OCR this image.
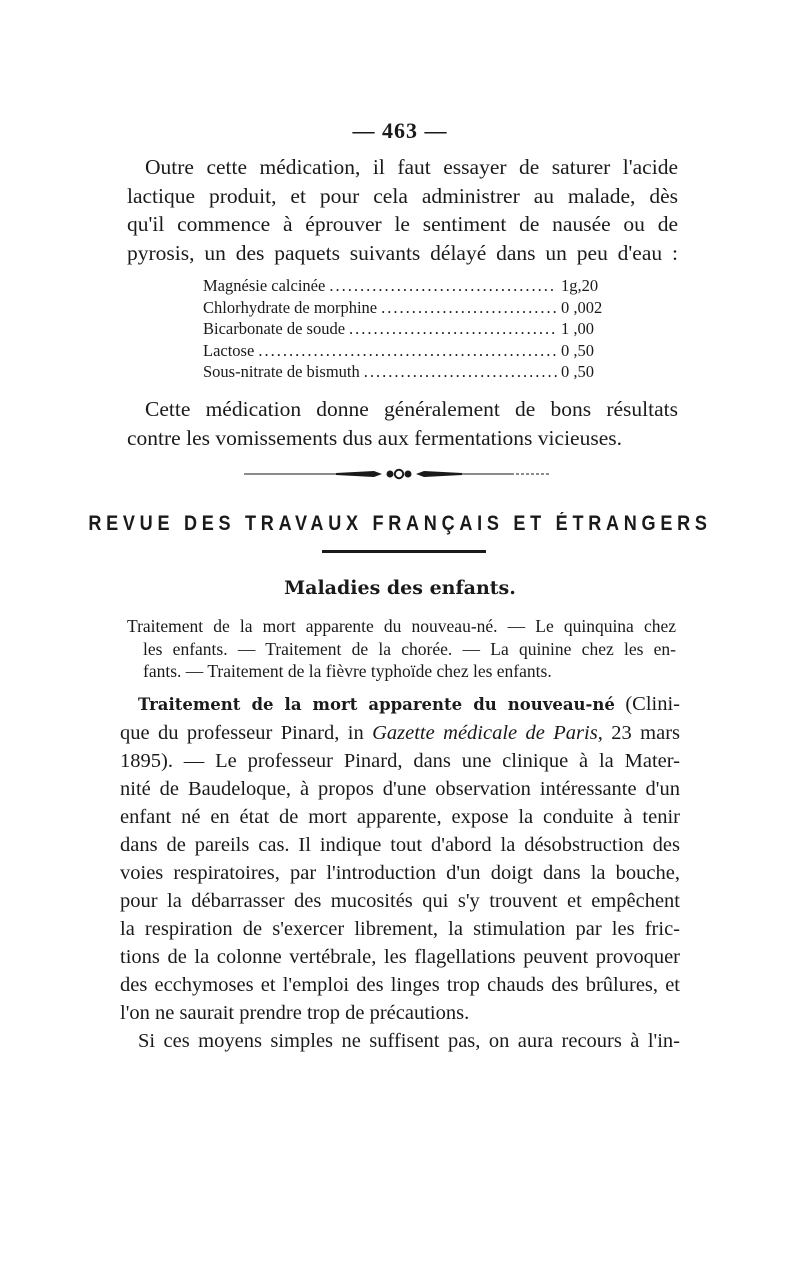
— 463 —
Outre cette médication, il faut essayer de saturer l'acide
lactique produit, et pour cela administrer au malade, dès
qu'il commence à éprouver le sentiment de nausée ou de
pyrosis, un des paquets suivants délayé dans un peu d'eau :
Magnésie calcinée .....	1g,20
Chlorhydrate de morphine .....	0 ,002
Bicarbonate de soude .....	1 ,00
Lactose .....	0 ,50
Sous-nitrate de bismuth .....	0 ,50
Cette médication donne généralement de bons résultats
contre les vomissements dus aux fermentations vicieuses.
REVUE DES TRAVAUX FRANÇAIS ET ÉTRANGERS
Maladies des enfants.
Traitement de la mort apparente du nouveau-né. — Le quinquina chez
les enfants. — Traitement de la chorée. — La quinine chez les en-
fants. — Traitement de la fièvre typhoïde chez les enfants.
Traitement de la mort apparente du nouveau-né (Clini-
que du professeur Pinard, in Gazette médicale de Paris, 23 mars
1895). — Le professeur Pinard, dans une clinique à la Mater-
nité de Baudeloque, à propos d'une observation intéressante d'un
enfant né en état de mort apparente, expose la conduite à tenir
dans de pareils cas. Il indique tout d'abord la désobstruction des
voies respiratoires, par l'introduction d'un doigt dans la bouche,
pour la débarrasser des mucosités qui s'y trouvent et empêchent
la respiration de s'exercer librement, la stimulation par les fric-
tions de la colonne vertébrale, les flagellations peuvent provoquer
des ecchymoses et l'emploi des linges trop chauds des brûlures, et
l'on ne saurait prendre trop de précautions.
Si ces moyens simples ne suffisent pas, on aura recours à l'in-
